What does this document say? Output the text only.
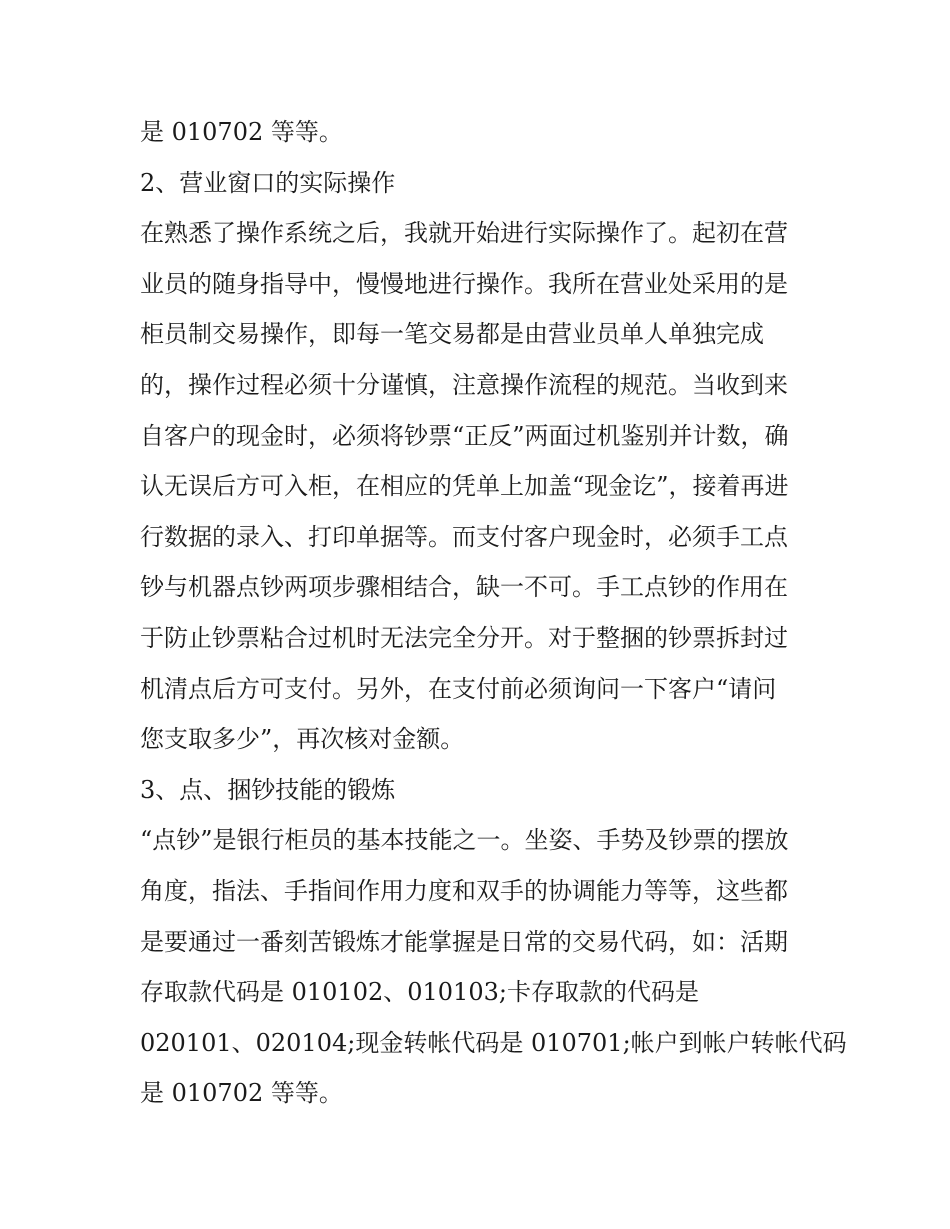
是 010702 等等。
2、营业窗口的实际操作
在熟悉了操作系统之后，我就开始进行实际操作了。起初在营
业员的随身指导中，慢慢地进行操作。我所在营业处采用的是
柜员制交易操作，即每一笔交易都是由营业员单人单独完成
的，操作过程必须十分谨慎，注意操作流程的规范。当收到来
自客户的现金时，必须将钞票“正反”两面过机鉴别并计数，确
认无误后方可入柜，在相应的凭单上加盖“现金讫”，接着再进
行数据的录入、打印单据等。而支付客户现金时，必须手工点
钞与机器点钞两项步骤相结合，缺一不可。手工点钞的作用在
于防止钞票粘合过机时无法完全分开。对于整捆的钞票拆封过
机清点后方可支付。另外，在支付前必须询问一下客户“请问
您支取多少”，再次核对金额。
3、点、捆钞技能的锻炼
“点钞”是银行柜员的基本技能之一。坐姿、手势及钞票的摆放
角度，指法、手指间作用力度和双手的协调能力等等，这些都
是要通过一番刻苦锻炼才能掌握是日常的交易代码，如：活期
存取款代码是 010102、010103;卡存取款的代码是
020101、020104;现金转帐代码是 010701;帐户到帐户转帐代码
是 010702 等等。
